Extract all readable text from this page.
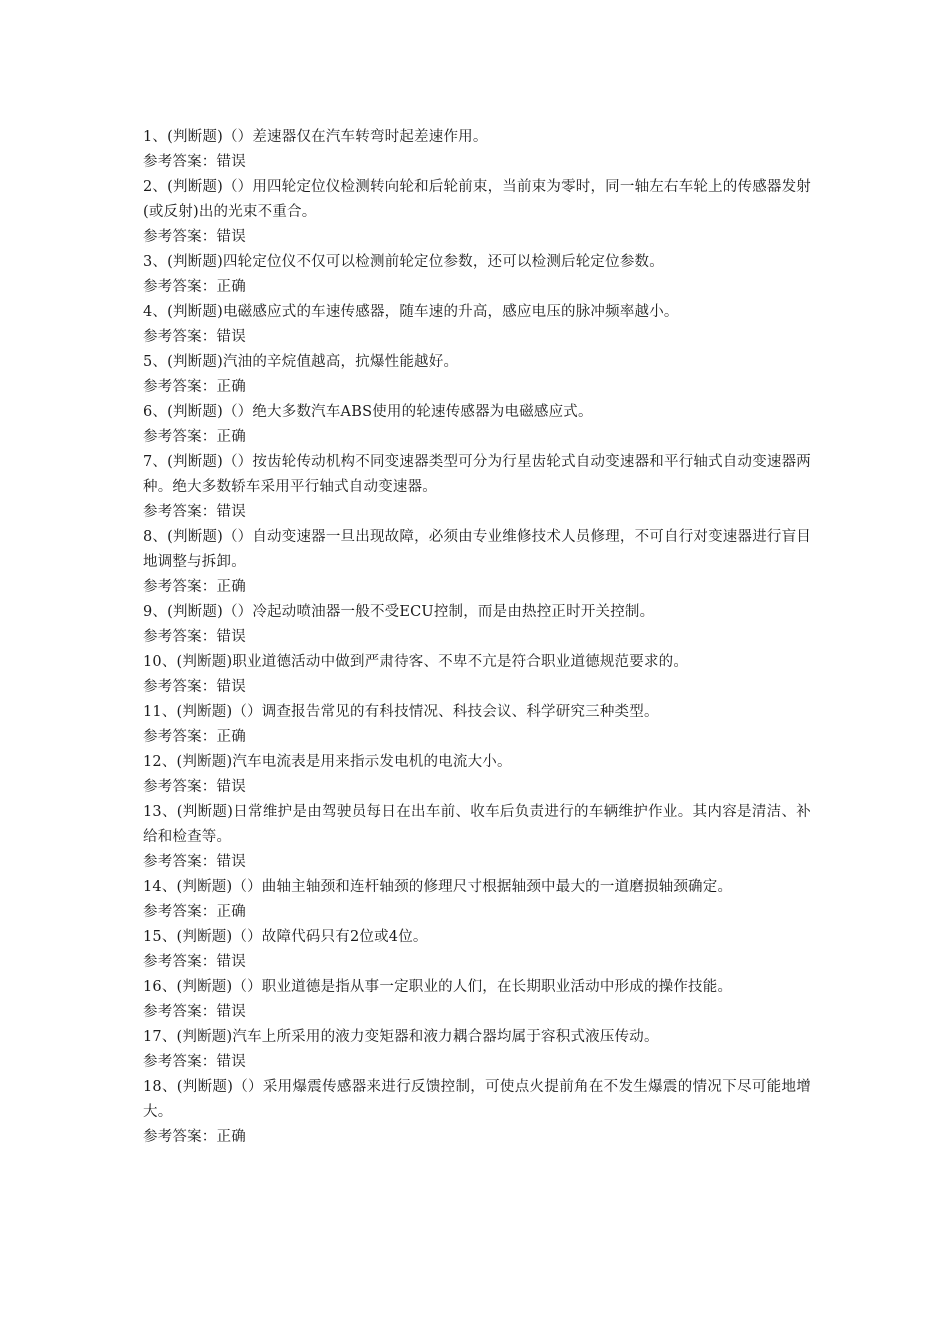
1、(判断题)（）差速器仅在汽车转弯时起差速作用。

参考答案：错误

2、(判断题)（）用四轮定位仪检测转向轮和后轮前束，当前束为零时，同一轴左右车轮上的传感器发射(或反射)出的光束不重合。

参考答案：错误

3、(判断题)四轮定位仪不仅可以检测前轮定位参数，还可以检测后轮定位参数。

参考答案：正确

4、(判断题)电磁感应式的车速传感器，随车速的升高，感应电压的脉冲频率越小。

参考答案：错误

5、(判断题)汽油的辛烷值越高，抗爆性能越好。

参考答案：正确

6、(判断题)（）绝大多数汽车ABS使用的轮速传感器为电磁感应式。

参考答案：正确

7、(判断题)（）按齿轮传动机构不同变速器类型可分为行星齿轮式自动变速器和平行轴式自动变速器两种。绝大多数轿车采用平行轴式自动变速器。

参考答案：错误

8、(判断题)（）自动变速器一旦出现故障，必须由专业维修技术人员修理，不可自行对变速器进行盲目地调整与拆卸。

参考答案：正确

9、(判断题)（）冷起动喷油器一般不受ECU控制，而是由热控正时开关控制。

参考答案：错误

10、(判断题)职业道德活动中做到严肃待客、不卑不亢是符合职业道德规范要求的。

参考答案：错误

11、(判断题)（）调查报告常见的有科技情况、科技会议、科学研究三种类型。

参考答案：正确

12、(判断题)汽车电流表是用来指示发电机的电流大小。

参考答案：错误

13、(判断题)日常维护是由驾驶员每日在出车前、收车后负责进行的车辆维护作业。其内容是清洁、补给和检查等。

参考答案：错误

14、(判断题)（）曲轴主轴颈和连杆轴颈的修理尺寸根据轴颈中最大的一道磨损轴颈确定。

参考答案：正确

15、(判断题)（）故障代码只有2位或4位。

参考答案：错误

16、(判断题)（）职业道德是指从事一定职业的人们，在长期职业活动中形成的操作技能。

参考答案：错误

17、(判断题)汽车上所采用的液力变矩器和液力耦合器均属于容积式液压传动。

参考答案：错误

18、(判断题)（）采用爆震传感器来进行反馈控制，可使点火提前角在不发生爆震的情况下尽可能地增大。

参考答案：正确
